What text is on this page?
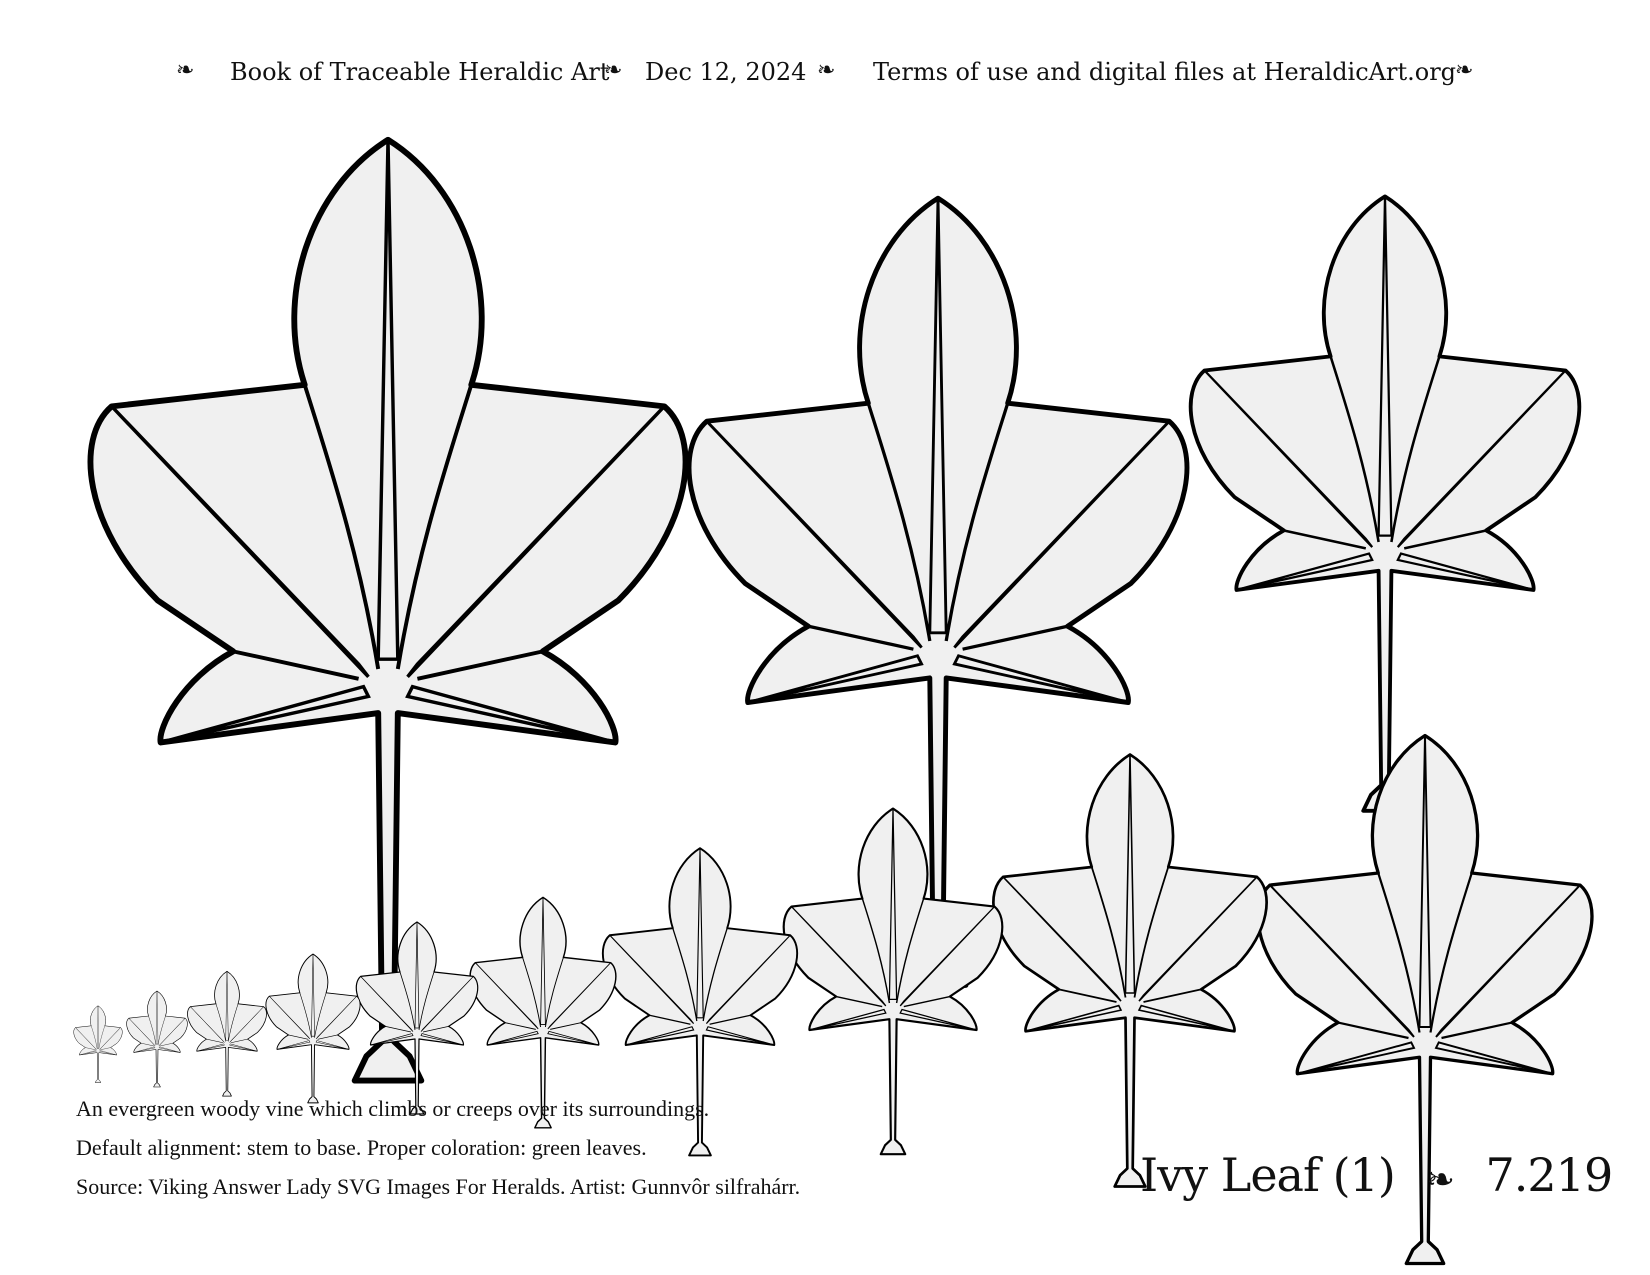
❧ Book of Traceable Heraldic Art
❧ Dec 12, 2024 ❧ Terms of use and digital files at HeraldicArt.org
❧
An evergreen woody vine which climbs or creeps over its surroundings.
Default alignment: stem to base. Proper coloration: green leaves.
Source: Viking Answer Lady SVG Images For Heralds. Artist: Gunnvôr silfrahárr.	Ivy Leaf (1) ❧ 7.219
